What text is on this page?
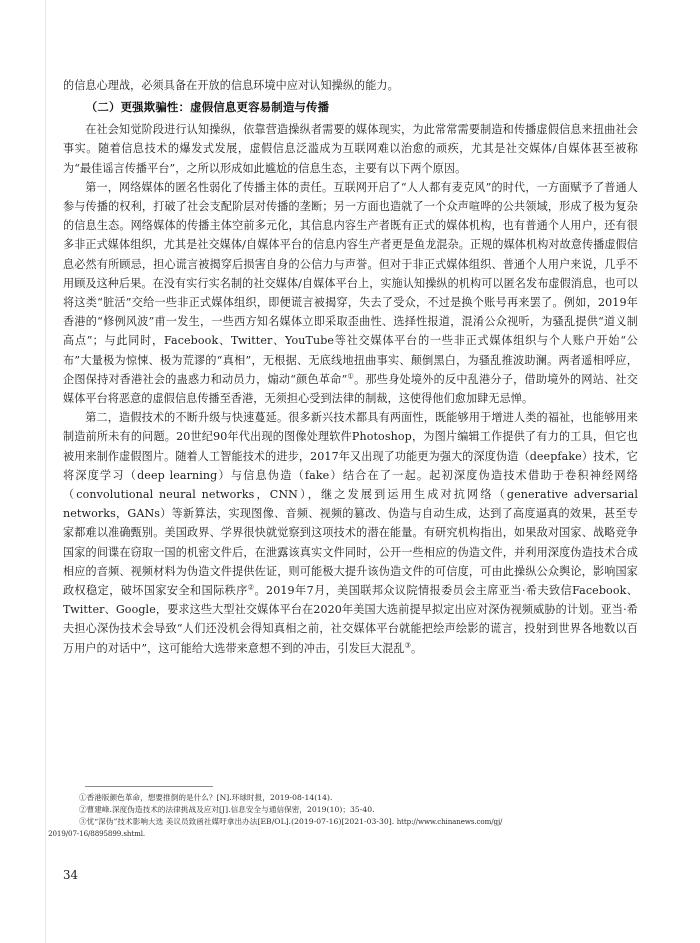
的信息心理战，必须具备在开放的信息环境中应对认知操纵的能力。

（二）更强欺骗性：虚假信息更容易制造与传播

在社会知觉阶段进行认知操纵，依靠营造操纵者需要的媒体现实，为此常常需要制造和传播虚假信息来扭曲社会事实。随着信息技术的爆发式发展，虚假信息泛滥成为互联网难以治愈的顽疾，尤其是社交媒体/自媒体甚至被称为“最佳谣言传播平台”，之所以形成如此尴尬的信息生态，主要有以下两个原因。

第一，网络媒体的匿名性弱化了传播主体的责任。互联网开启了“人人都有麦克风”的时代，一方面赋予了普通人参与传播的权利，打破了社会支配阶层对传播的垄断；另一方面也造就了一个众声喧哗的公共领域，形成了极为复杂的信息生态。网络媒体的传播主体空前多元化，其信息内容生产者既有正式的媒体机构，也有普通个人用户，还有很多非正式媒体组织，尤其是社交媒体/自媒体平台的信息内容生产者更是鱼龙混杂。正规的媒体机构对故意传播虚假信息必然有所顾忌，担心谎言被揭穿后损害自身的公信力与声誉。但对于非正式媒体组织、普通个人用户来说，几乎不用顾及这种后果。在没有实行实名制的社交媒体/自媒体平台上，实施认知操纵的机构可以匿名发布虚假消息，也可以将这类“脏活”交给一些非正式媒体组织，即便谎言被揭穿，失去了受众，不过是换个账号再来罢了。例如，2019年香港的“修例风波”甫一发生，一些西方知名媒体立即采取歪曲性、选择性报道，混淆公众视听，为骚乱提供“道义制高点”；与此同时，Facebook、Twitter、YouTube等社交媒体平台的一些非正式媒体组织与个人账户开始“公布”大量极为惊悚、极为荒谬的“真相”，无根据、无底线地扭曲事实、颠倒黑白，为骚乱推波助澜。两者遥相呼应，企图保持对香港社会的蛊惑力和动员力，煽动“颜色革命”①。那些身处境外的反中乱港分子，借助境外的网站、社交媒体平台将恶意的虚假信息传播至香港，无须担心受到法律的制裁，这使得他们愈加肆无忌惮。

第二，造假技术的不断升级与快速蔓延。很多新兴技术都具有两面性，既能够用于增进人类的福祉，也能够用来制造前所未有的问题。20世纪90年代出现的图像处理软件Photoshop，为图片编辑工作提供了有力的工具，但它也被用来制作虚假图片。随着人工智能技术的进步，2017年又出现了功能更为强大的深度伪造（deepfake）技术，它将深度学习（deep learning）与信息伪造（fake）结合在了一起。起初深度伪造技术借助于卷积神经网络（convolutional neural networks，CNN），继之发展到运用生成对抗网络（generative adversarial networks，GANs）等新算法，实现图像、音频、视频的篡改、伪造与自动生成，达到了高度逼真的效果，甚至专家都难以准确甄别。美国政界、学界很快就觉察到这项技术的潜在能量。有研究机构指出，如果敌对国家、战略竞争国家的间谍在窃取一国的机密文件后，在泄露该真实文件同时，公开一些相应的伪造文件，并利用深度伪造技术合成相应的音频、视频材料为伪造文件提供佐证，则可能极大提升该伪造文件的可信度，可由此操纵公众舆论，影响国家政权稳定，破坏国家安全和国际秩序②。2019年7月，美国联邦众议院情报委员会主席亚当·希夫致信Facebook、Twitter、Google，要求这些大型社交媒体平台在2020年美国大选前提早拟定出应对深伪视频威胁的计划。亚当·希夫担心深伪技术会导致“人们还没机会得知真相之前，社交媒体平台就能把绘声绘影的谎言，投射到世界各地数以百万用户的对话中”，这可能给大选带来意想不到的冲击，引发巨大混乱③。

①香港版颜色革命，想要推倒的是什么？[N].环球时报，2019-08-14(14).

②曹建峰.深度伪造技术的法律挑战及应对[J].信息安全与通信保密，2019(10)；35-40.

③忧“深伪”技术影响大选 美议员致函社媒吁拿出办法[EB/OL].(2019-07-16)[2021-03-30]. http://www.chinanews.com/gj/
2019/07-16/8895899.shtml.

34
